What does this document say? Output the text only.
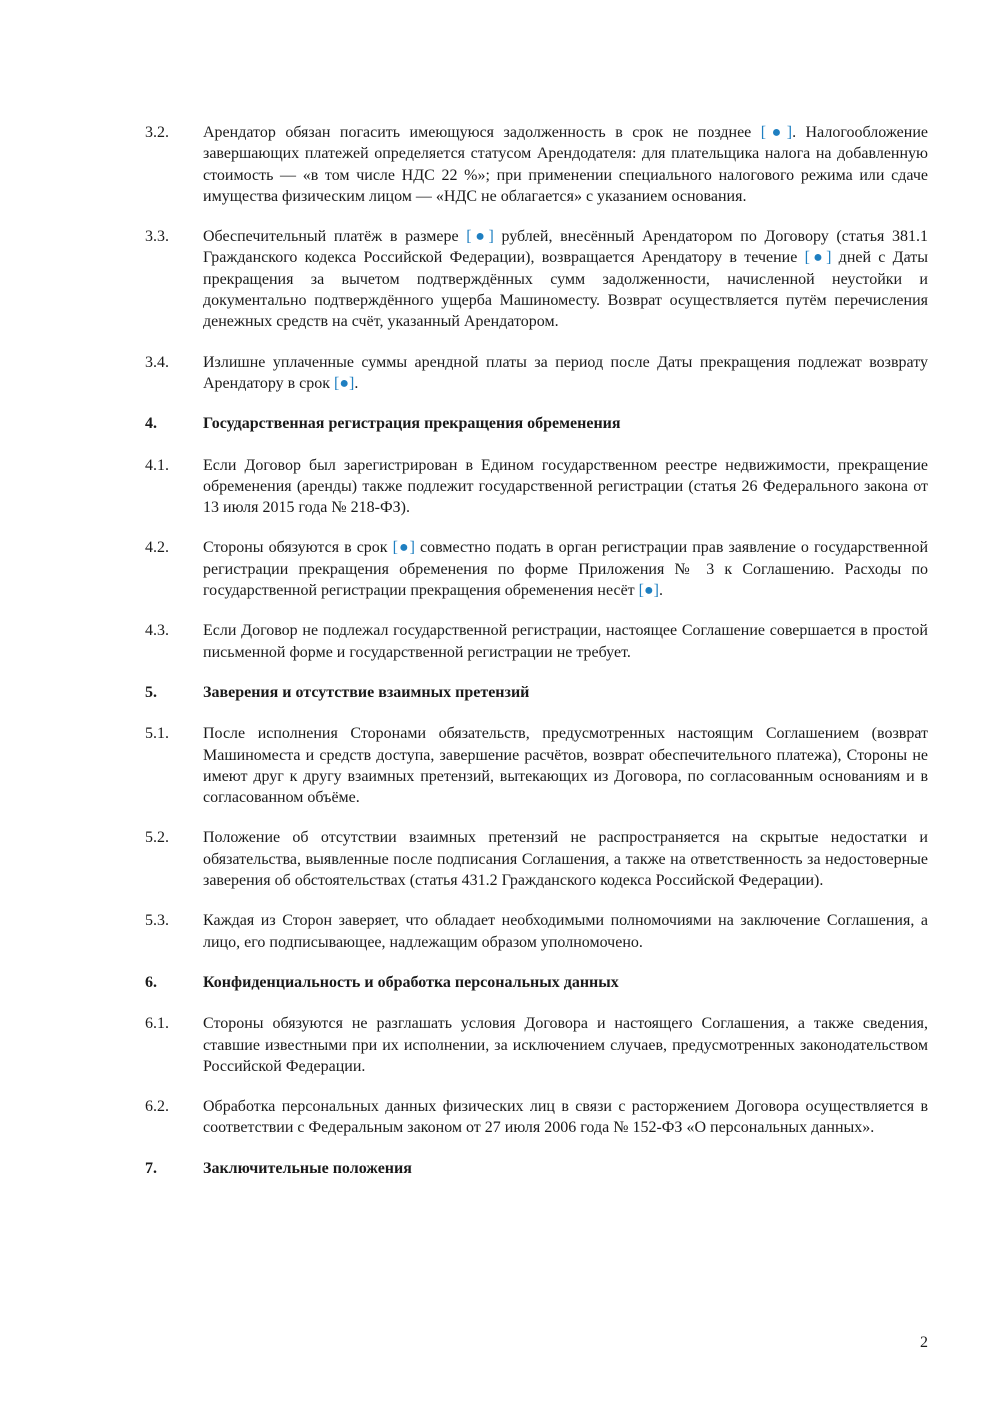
3.2.	Арендатор обязан погасить имеющуюся задолженность в срок не позднее [●]. Налогообложение завершающих платежей определяется статусом Арендодателя: для плательщика налога на добавленную стоимость — «в том числе НДС 22 %»; при применении специального налогового режима или сдаче имущества физическим лицом — «НДС не облагается» с указанием основания.
3.3.	Обеспечительный платёж в размере [●] рублей, внесённый Арендатором по Договору (статья 381.1 Гражданского кодекса Российской Федерации), возвращается Арендатору в течение [●] дней с Даты прекращения за вычетом подтверждённых сумм задолженности, начисленной неустойки и документально подтверждённого ущерба Машиноместу. Возврат осуществляется путём перечисления денежных средств на счёт, указанный Арендатором.
3.4.	Излишне уплаченные суммы арендной платы за период после Даты прекращения подлежат возврату Арендатору в срок [●].
4.	Государственная регистрация прекращения обременения
4.1.	Если Договор был зарегистрирован в Едином государственном реестре недвижимости, прекращение обременения (аренды) также подлежит государственной регистрации (статья 26 Федерального закона от 13 июля 2015 года № 218-ФЗ).
4.2.	Стороны обязуются в срок [●] совместно подать в орган регистрации прав заявление о государственной регистрации прекращения обременения по форме Приложения № 3 к Соглашению. Расходы по государственной регистрации прекращения обременения несёт [●].
4.3.	Если Договор не подлежал государственной регистрации, настоящее Соглашение совершается в простой письменной форме и государственной регистрации не требует.
5.	Заверения и отсутствие взаимных претензий
5.1.	После исполнения Сторонами обязательств, предусмотренных настоящим Соглашением (возврат Машиноместа и средств доступа, завершение расчётов, возврат обеспечительного платежа), Стороны не имеют друг к другу взаимных претензий, вытекающих из Договора, по согласованным основаниям и в согласованном объёме.
5.2.	Положение об отсутствии взаимных претензий не распространяется на скрытые недостатки и обязательства, выявленные после подписания Соглашения, а также на ответственность за недостоверные заверения об обстоятельствах (статья 431.2 Гражданского кодекса Российской Федерации).
5.3.	Каждая из Сторон заверяет, что обладает необходимыми полномочиями на заключение Соглашения, а лицо, его подписывающее, надлежащим образом уполномочено.
6.	Конфиденциальность и обработка персональных данных
6.1.	Стороны обязуются не разглашать условия Договора и настоящего Соглашения, а также сведения, ставшие известными при их исполнении, за исключением случаев, предусмотренных законодательством Российской Федерации.
6.2.	Обработка персональных данных физических лиц в связи с расторжением Договора осуществляется в соответствии с Федеральным законом от 27 июля 2006 года № 152-ФЗ «О персональных данных».
7.	Заключительные положения
2
